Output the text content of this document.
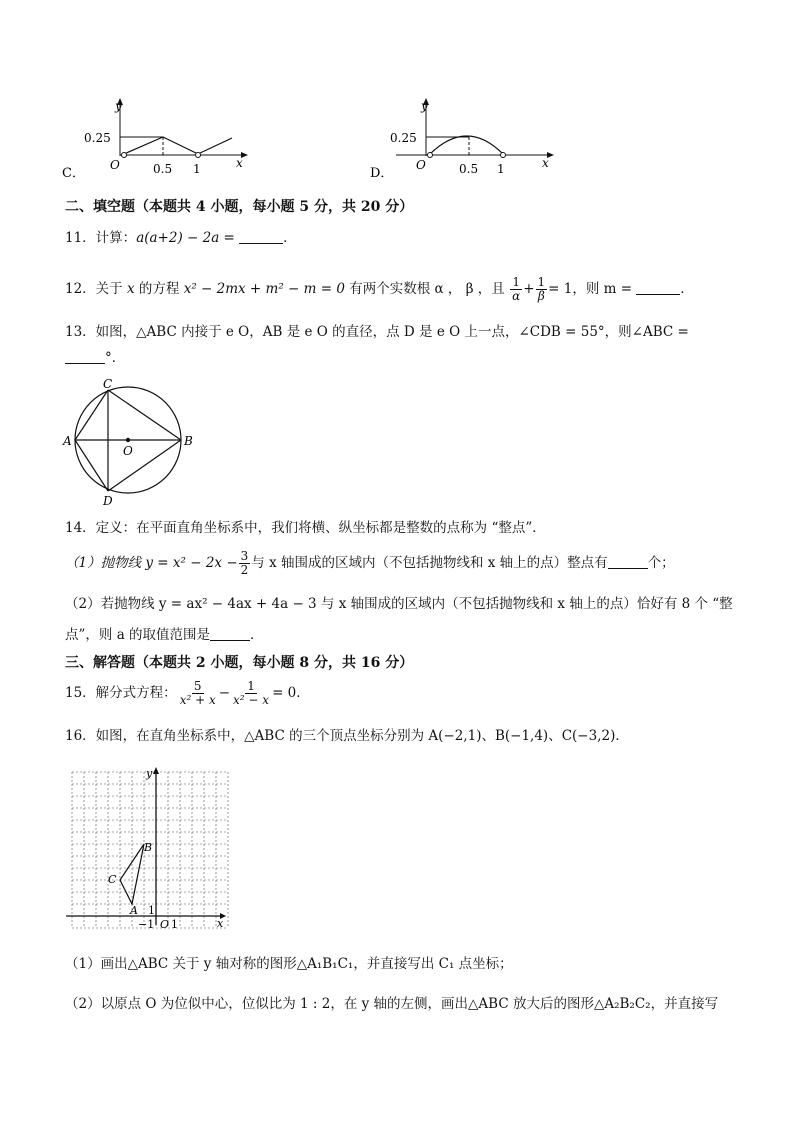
y
x
O
0.25
0.5 1
C．
y
x
O
0.25
0.5 1
D．
二、填空题（本题共 4 小题，每小题 5 分，共 20 分）
11．计算：a(a+2) − 2a =	．
12．关于 x 的方程 x² − 2mx + m² − m = 0 有两个实数根 α ， β ，且 $\frac{1}{\alpha} + \frac{1}{\beta} = 1$，则 m =	．
13．如图，△ABC 内接于 e O，AB 是 e O 的直径，点 D 是 e O 上一点，∠CDB = 55°，则∠ABC =
°．
C
A	B
O
D
14．定义：在平面直角坐标系中，我们将横、纵坐标都是整数的点称为 “整点”．
（1）抛物线 $y = x^2 - 2x - \frac{3}{2}$ 与 x 轴围成的区域内（不包括抛物线和 x 轴上的点）整点有	个；
（2）若抛物线 y = ax² − 4ax + 4a − 3 与 x 轴围成的区域内（不包括抛物线和 x 轴上的点）恰好有 8 个 “整
点”，则 a 的取值范围是	．
三、解答题（本题共 2 小题，每小题 8 分，共 16 分）
15．解分式方程： $\frac{5}{\text{x² + x}} - \frac{1}{\text{x² − x}} = 0$．
16．如图，在直角坐标系中，△ABC 的三个顶点坐标分别为 A(−2,1)、B(−1,4)、C(−3,2)．
y
x
B
C
A 1
−1 O 1
（1）画出△ABC 关于 y 轴对称的图形△A₁B₁C₁，并直接写出 C₁ 点坐标；
（2）以原点 O 为位似中心，位似比为 1 : 2，在 y 轴的左侧，画出△ABC 放大后的图形△A₂B₂C₂，并直接写
